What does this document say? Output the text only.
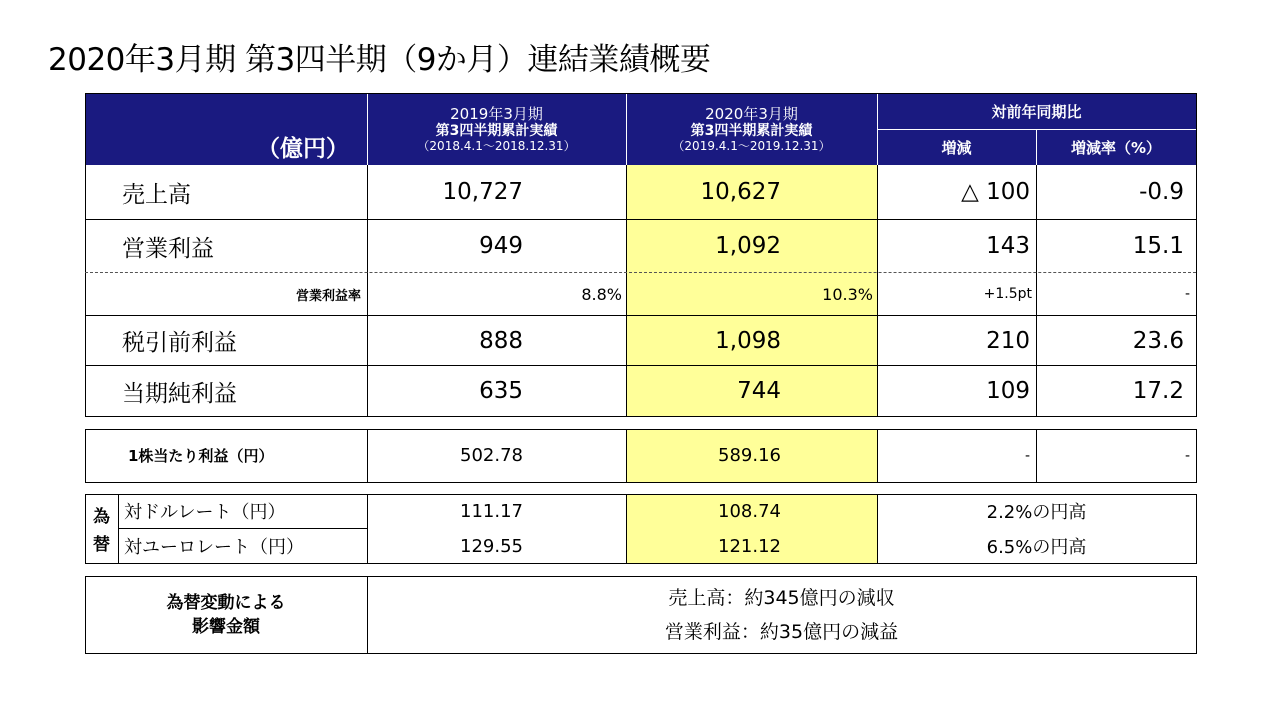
2020年3月期 第3四半期（9か月）連結業績概要
（億円）
2019年3月期
第3四半期累計実績
（2018.4.1～2018.12.31）
2020年3月期
第3四半期累計実績
（2019.4.1～2019.12.31）
対前年同期比
増減	増減率（%）
売上高	10,727	10,627	△ 100	-0.9
営業利益	949	1,092	143	15.1
営業利益率	8.8%	10.3%	+1.5pt	-
税引前利益	888	1,098	210	23.6
当期純利益	635	744	109	17.2
1株当たり利益（円）	502.78	589.16	-	-
為
替
対ドルレート（円）	111.17	108.74	2.2%の円高
対ユーロレート（円）	129.55	121.12	6.5%の円高
為替変動による
影響金額
売上高：約345億円の減収
営業利益：約35億円の減益
